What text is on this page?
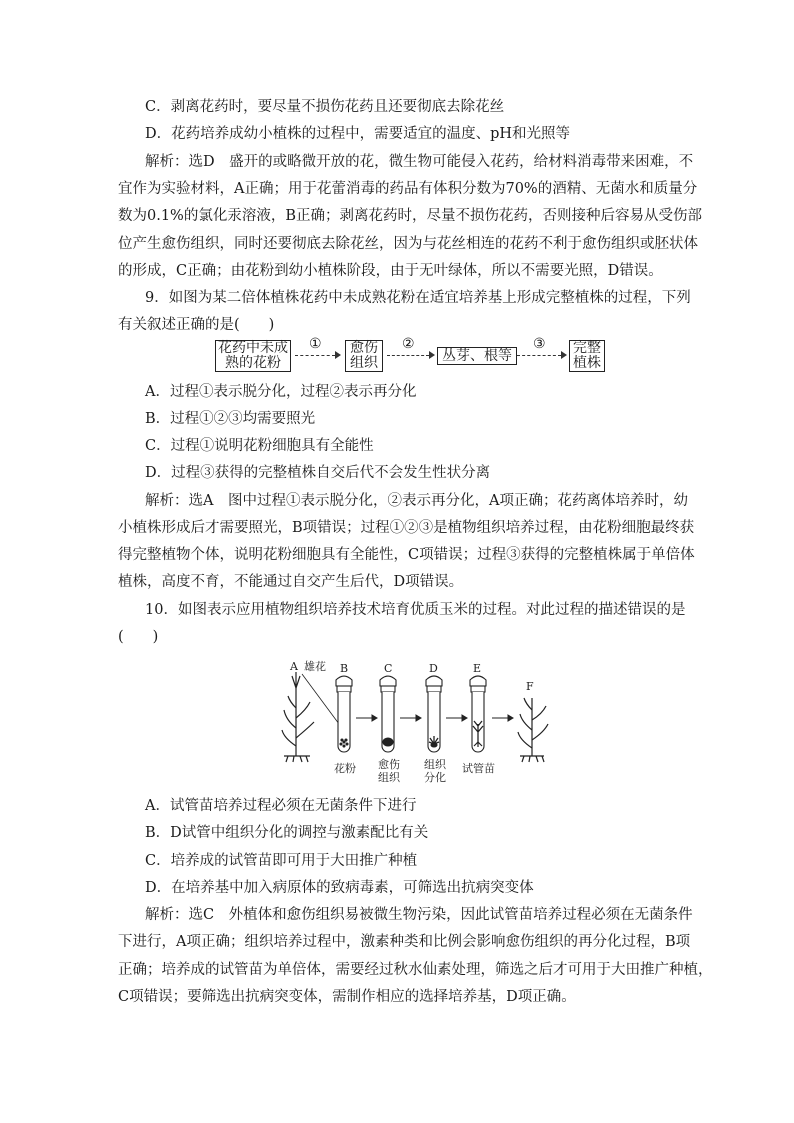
C．剥离花药时，要尽量不损伤花药且还要彻底去除花丝
D．花药培养成幼小植株的过程中，需要适宜的温度、pH和光照等
解析：选D　盛开的或略微开放的花，微生物可能侵入花药，给材料消毒带来困难，不
宜作为实验材料，A正确；用于花蕾消毒的药品有体积分数为70%的酒精、无菌水和质量分
数为0.1%的氯化汞溶液，B正确；剥离花药时，尽量不损伤花药，否则接种后容易从受伤部
位产生愈伤组织，同时还要彻底去除花丝，因为与花丝相连的花药不利于愈伤组织或胚状体
的形成，C正确；由花粉到幼小植株阶段，由于无叶绿体，所以不需要光照，D错误。
9．如图为某二倍体植株花药中未成熟花粉在适宜培养基上形成完整植株的过程，下列
有关叙述正确的是(　　)
花药中未成
熟的花粉
① 愈伤
组织
②
丛芽、根等
③ 完整
植株
A．过程①表示脱分化，过程②表示再分化
B．过程①②③均需要照光
C．过程①说明花粉细胞具有全能性
D．过程③获得的完整植株自交后代不会发生性状分离
解析：选A　图中过程①表示脱分化，②表示再分化，A项正确；花药离体培养时，幼
小植株形成后才需要照光，B项错误；过程①②③是植物组织培养过程，由花粉细胞最终获
得完整植物个体，说明花粉细胞具有全能性，C项错误；过程③获得的完整植株属于单倍体
植株，高度不育，不能通过自交产生后代，D项错误。
10．如图表示应用植物组织培养技术培育优质玉米的过程。对此过程的描述错误的是
(　　)
A 雄花 B	C	D	E
F
花粉 愈伤
组织
组织
分化
试管苗
A．试管苗培养过程必须在无菌条件下进行
B．D试管中组织分化的调控与激素配比有关
C．培养成的试管苗即可用于大田推广种植
D．在培养基中加入病原体的致病毒素，可筛选出抗病突变体
解析：选C　外植体和愈伤组织易被微生物污染，因此试管苗培养过程必须在无菌条件
下进行，A项正确；组织培养过程中，激素种类和比例会影响愈伤组织的再分化过程，B项
正确；培养成的试管苗为单倍体，需要经过秋水仙素处理，筛选之后才可用于大田推广种植，
C项错误；要筛选出抗病突变体，需制作相应的选择培养基，D项正确。
